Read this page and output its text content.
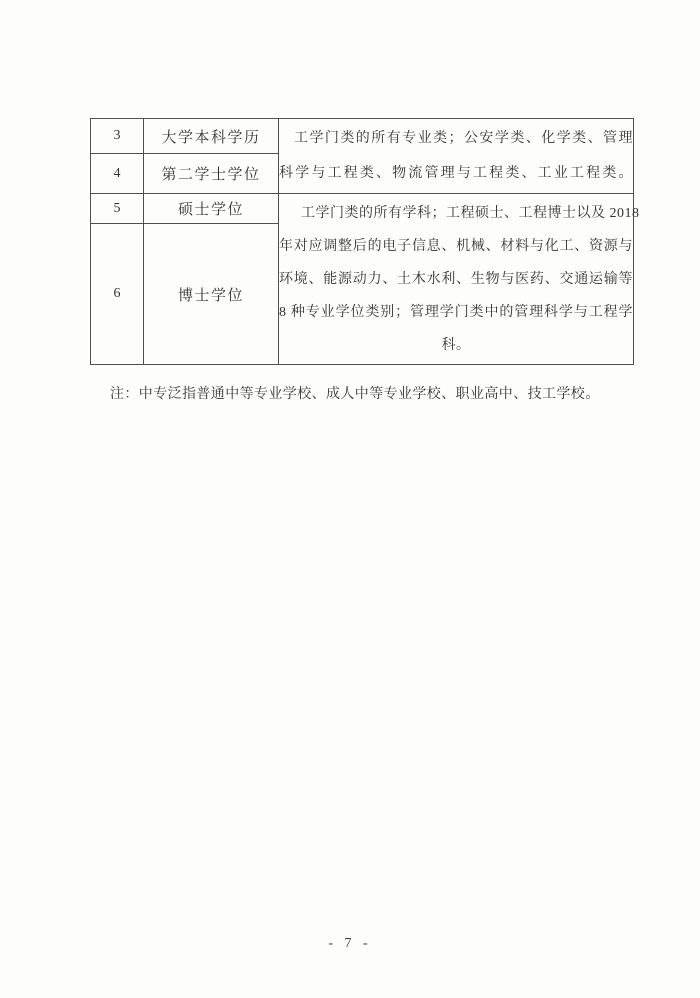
3	大学本科学历	工学门类的所有专业类；公安学类、化学类、管理
科学与工程类、物流管理与工程类、工业工程类。

4	第二学士学位	
5	硕士学位	工学门类的所有学科；工程硕士、工程博士以及 2018
年对应调整后的电子信息、机械、材料与化工、资源与
环境、能源动力、土木水利、生物与医药、交通运输等
8 种专业学位类别；管理学门类中的管理科学与工程学
科。

6	博士学位	
注：中专泛指普通中等专业学校、成人中等专业学校、职业高中、技工学校。
- 7 -
